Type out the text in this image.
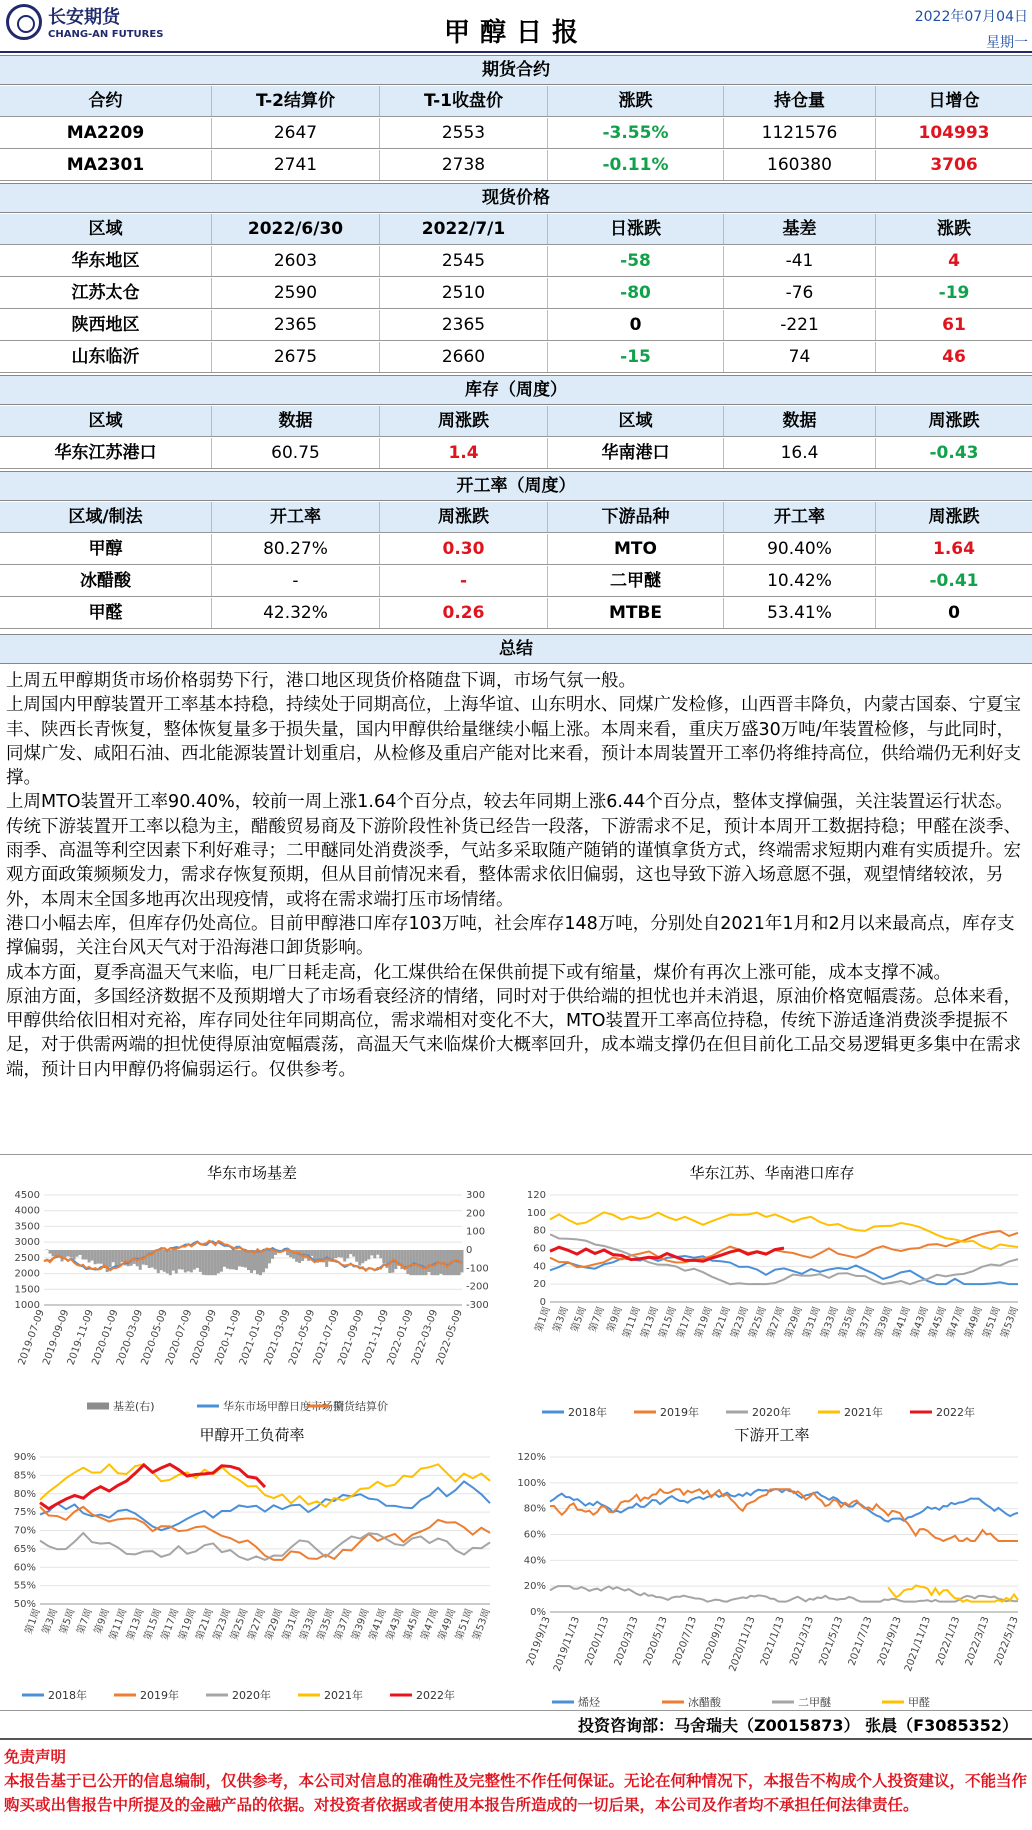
长安期货
CHANG-AN FUTURES	甲醇日报
2022年07月04日
星期一
期货合约
合约	T-2结算价	T-1收盘价	涨跌	持仓量	日增仓
MA2209	2647	2553	-3.55%	1121576	104993
MA2301	2741	2738	-0.11%	160380	3706
现货价格
区域	2022/6/30	2022/7/1	日涨跌	基差	涨跌
华东地区	2603	2545	-58	-41	4
江苏太仓	2590	2510	-80	-76	-19
陕西地区	2365	2365	0	-221	61
山东临沂	2675	2660	-15	74	46
库存（周度）
区域	数据	周涨跌	区域	数据	周涨跌
华东江苏港口	60.75	1.4	华南港口	16.4	-0.43
开工率（周度）
区域/制法	开工率	周涨跌	下游品种	开工率	周涨跌
甲醇	80.27%	0.30	MTO	90.40%	1.64
冰醋酸	-	-	二甲醚	10.42%	-0.41
甲醛	42.32%	0.26	MTBE	53.41%	0
总结

上周五甲醇期货市场价格弱势下行，港口地区现货价格随盘下调，市场气氛一般。

上周国内甲醇装置开工率基本持稳，持续处于同期高位，上海华谊、山东明水、同煤广发检修，山西晋丰降负，内蒙古国泰、宁夏宝丰、陕西长青恢复，整体恢复量多于损失量，国内甲醇供给量继续小幅上涨。本周来看，重庆万盛30万吨/年装置检修，与此同时，同煤广发、咸阳石油、西北能源装置计划重启，从检修及重启产能对比来看，预计本周装置开工率仍将维持高位，供给端仍无利好支撑。

上周MTO装置开工率90.40%，较前一周上涨1.64个百分点，较去年同期上涨6.44个百分点，整体支撑偏强，关注装置运行状态。传统下游装置开工率以稳为主，醋酸贸易商及下游阶段性补货已经告一段落，下游需求不足，预计本周开工数据持稳；甲醛在淡季、雨季、高温等利空因素下利好难寻；二甲醚同处消费淡季，气站多采取随产随销的谨慎拿货方式，终端需求短期内难有实质提升。宏观方面政策频频发力，需求存恢复预期，但从目前情况来看，整体需求依旧偏弱，这也导致下游入场意愿不强，观望情绪较浓，另外，本周末全国多地再次出现疫情，或将在需求端打压市场情绪。

港口小幅去库，但库存仍处高位。目前甲醇港口库存103万吨，社会库存148万吨，分别处自2021年1月和2月以来最高点，库存支撑偏弱，关注台风天气对于沿海港口卸货影响。

成本方面，夏季高温天气来临，电厂日耗走高，化工煤供给在保供前提下或有缩量，煤价有再次上涨可能，成本支撑不减。

原油方面，多国经济数据不及预期增大了市场看衰经济的情绪，同时对于供给端的担忧也并未消退，原油价格宽幅震荡。总体来看，甲醇供给依旧相对充裕，库存同处往年同期高位，需求端相对变化不大，MTO装置开工率高位持稳，传统下游适逢消费淡季提振不足，对于供需两端的担忧使得原油宽幅震荡，高温天气来临煤价大概率回升，成本端支撑仍在但目前化工品交易逻辑更多集中在需求端，预计日内甲醇仍将偏弱运行。仅供参考。

华东市场基差
4500
4000
3500
3000
2500
2000
1500
1000
2019-07-09
2019-09-09
2019-11-09
2020-01-09
2020-03-09
2020-05-09
2020-07-09
2020-09-09
2020-11-09
2021-01-09
2021-03-09
2021-05-09
2021-07-09
2021-09-09
2021-11-09
2022-01-09
2022-03-09
2022-05-09
300
200
100
0
-100
-200
-300
基差(右)	华东市场甲醇日度市场价
期货结算价
华东江苏、华南港口库存
120
100
80
60
40
20
0
第1周
第3周
第5周
第7周
第9周
第11周
第13周
第15周
第17周
第19周
第21周
第23周
第25周
第27周
第29周
第31周
第33周
第35周
第37周
第39周
第41周
第43周
第45周
第47周
第49周
第51周
第53周
2018年	2019年	2020年	2021年	2022年
甲醇开工负荷率
90%
85%
80%
75%
70%
65%
60%
55%
50%
第1周
第3周
第5周
第7周
第9周
第11周
第13周
第15周
第17周
第19周
第21周
第23周
第25周
第27周
第29周
第31周
第33周
第35周
第37周
第39周
第41周
第43周
第45周
第47周
第49周
第51周
第53周
2018年	2019年	2020年	2021年	2022年
下游开工率
120%
100%
80%
60%
40%
20%
0%
2019/9/13 2019/11/13 2020/1/13 2020/3/13 2020/5/13 2020/7/13 2020/9/13 2020/11/13 2021/1/13 2021/3/13 2021/5/13 2021/7/13 2021/9/13 2021/11/13 2022/1/13 2022/3/13 2022/5/13
烯烃	冰醋酸	二甲醚	甲醛
投资咨询部：马舍瑞夫（Z0015873） 张晨（F3085352）
免责声明
本报告基于已公开的信息编制，仅供参考，本公司对信息的准确性及完整性不作任何保证。无论在何种情况下，本报告不构成个人投资建议，不能当作购买或出售报告中所提及的金融产品的依据。对投资者依据或者使用本报告所造成的一切后果，本公司及作者均不承担任何法律责任。
